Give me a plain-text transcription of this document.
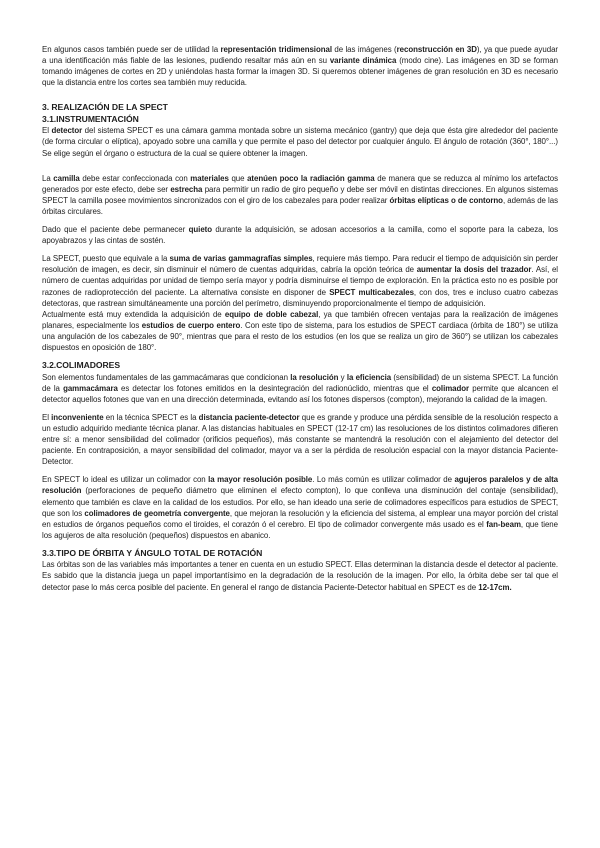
En algunos casos también puede ser de utilidad la representación tridimensional de las imágenes (reconstrucción en 3D), ya que puede ayudar a una identificación más fiable de las lesiones, pudiendo resaltar más aún en su variante dinámica (modo cine). Las imágenes en 3D se forman tomando imágenes de cortes en 2D y uniéndolas hasta formar la imagen 3D. Si queremos obtener imágenes de gran resolución en 3D es necesario que la distancia entre los cortes sea también muy reducida.

3. REALIZACIÓN DE LA SPECT
3.1.INSTRUMENTACIÓN

El detector del sistema SPECT es una cámara gamma montada sobre un sistema mecánico (gantry) que deja que ésta gire alrededor del paciente (de forma circular o elíptica), apoyado sobre una camilla y que permite el paso del detector por cualquier ángulo. El ángulo de rotación (360°, 180°...) Se elige según el órgano o estructura de la cual se quiere obtener la imagen.

La camilla debe estar confeccionada con materiales que atenúen poco la radiación gamma de manera que se reduzca al mínimo los artefactos generados por este efecto, debe ser estrecha para permitir un radio de giro pequeño y debe ser móvil en distintas direcciones. En algunos sistemas SPECT la camilla posee movimientos sincronizados con el giro de los cabezales para poder realizar órbitas elípticas o de contorno, además de las órbitas circulares.

Dado que el paciente debe permanecer quieto durante la adquisición, se adosan accesorios a la camilla, como el soporte para la cabeza, los apoyabrazos y las cintas de sostén.

La SPECT, puesto que equivale a la suma de varias gammagrafías simples, requiere más tiempo. Para reducir el tiempo de adquisición sin perder resolución de imagen, es decir, sin disminuir el número de cuentas adquiridas, cabría la opción teórica de aumentar la dosis del trazador. Así, el número de cuentas adquiridas por unidad de tiempo sería mayor y podría disminuirse el tiempo de exploración. En la práctica esto no es posible por razones de radioprotección del paciente. La alternativa consiste en disponer de SPECT multicabezales, con dos, tres e incluso cuatro cabezas detectoras, que rastrean simultáneamente una porción del perímetro, disminuyendo proporcionalmente el tiempo de adquisición.

Actualmente está muy extendida la adquisición de equipo de doble cabezal, ya que también ofrecen ventajas para la realización de imágenes planares, especialmente los estudios de cuerpo entero. Con este tipo de sistema, para los estudios de SPECT cardiaca (órbita de 180°) se utiliza una angulación de los cabezales de 90°, mientras que para el resto de los estudios (en los que se realiza un giro de 360°) se utilizan los cabezales dispuestos en oposición de 180°.

3.2.COLIMADORES

Son elementos fundamentales de las gammacámaras que condicionan la resolución y la eficiencia (sensibilidad) de un sistema SPECT. La función de la gammacámara es detectar los fotones emitidos en la desintegración del radionúclido, mientras que el colimador permite que alcancen el detector aquellos fotones que van en una dirección determinada, evitando así los fotones dispersos (compton), mejorando la calidad de la imagen.

El inconveniente en la técnica SPECT es la distancia paciente-detector que es grande y produce una pérdida sensible de la resolución respecto a un estudio adquirido mediante técnica planar. A las distancias habituales en SPECT (12-17 cm) las resoluciones de los distintos colimadores difieren entre sí: a menor sensibilidad del colimador (orificios pequeños), más constante se mantendrá la resolución con el alejamiento del detector del paciente. En contraposición, a mayor sensibilidad del colimador, mayor va a ser la pérdida de resolución espacial con la mayor distancia Paciente-Detector.

En SPECT lo ideal es utilizar un colimador con la mayor resolución posible. Lo más común es utilizar colimador de agujeros paralelos y de alta resolución (perforaciones de pequeño diámetro que eliminen el efecto compton), lo que conlleva una disminución del contaje (sensibilidad), elemento que también es clave en la calidad de los estudios. Por ello, se han ideado una serie de colimadores específicos para estudios de SPECT, que son los colimadores de geometría convergente, que mejoran la resolución y la eficiencia del sistema, al emplear una mayor porción del cristal en estudios de órganos pequeños como el tiroides, el corazón ó el cerebro. El tipo de colimador convergente más usado es el fan-beam, que tiene los agujeros de alta resolución (pequeños) dispuestos en abanico.

3.3.TIPO DE ÓRBITA Y ÁNGULO TOTAL DE ROTACIÓN

Las órbitas son de las variables más importantes a tener en cuenta en un estudio SPECT. Ellas determinan la distancia desde el detector al paciente. Es sabido que la distancia juega un papel importantísimo en la degradación de la resolución de la imagen. Por ello, la órbita debe ser tal que el detector pase lo más cerca posible del paciente. En general el rango de distancia Paciente-Detector habitual en SPECT es de 12-17cm.
